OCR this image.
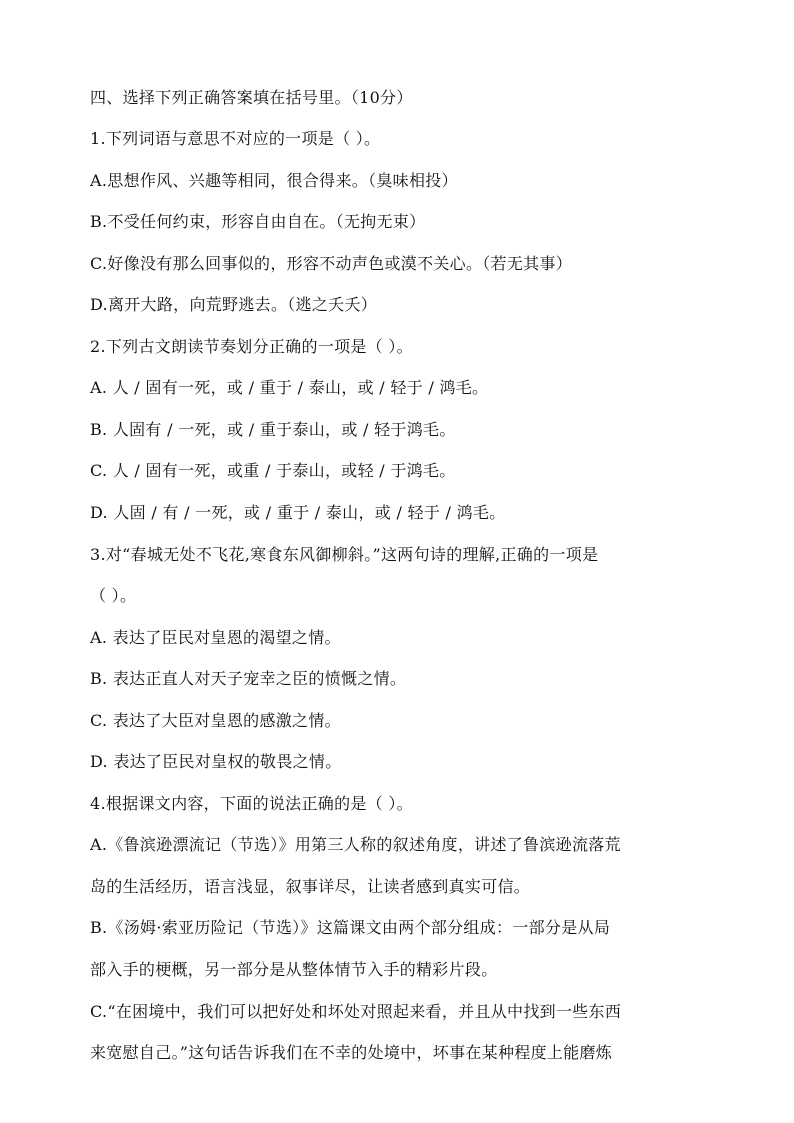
四、选择下列正确答案填在括号里。（10分）
1.下列词语与意思不对应的一项是（ ）。
A.思想作风、兴趣等相同，很合得来。（臭味相投）
B.不受任何约束，形容自由自在。（无拘无束）
C.好像没有那么回事似的，形容不动声色或漠不关心。（若无其事）
D.离开大路，向荒野逃去。（逃之夭夭）
2.下列古文朗读节奏划分正确的一项是（ ）。
A. 人 / 固有一死，或 / 重于 / 泰山，或 / 轻于 / 鸿毛。
B. 人固有 / 一死，或 / 重于泰山，或 / 轻于鸿毛。
C. 人 / 固有一死，或重 / 于泰山，或轻 / 于鸿毛。
D. 人固 / 有 / 一死，或 / 重于 / 泰山，或 / 轻于 / 鸿毛。
3.对“春城无处不飞花,寒食东风御柳斜。”这两句诗的理解,正确的一项是
（ ）。
A. 表达了臣民对皇恩的渴望之情。
B. 表达正直人对天子宠幸之臣的愤慨之情。
C. 表达了大臣对皇恩的感激之情。
D. 表达了臣民对皇权的敬畏之情。
4.根据课文内容，下面的说法正确的是（ ）。
A.《鲁滨逊漂流记（节选）》用第三人称的叙述角度，讲述了鲁滨逊流落荒
岛的生活经历，语言浅显，叙事详尽，让读者感到真实可信。
B.《汤姆·索亚历险记（节选）》这篇课文由两个部分组成：一部分是从局
部入手的梗概，另一部分是从整体情节入手的精彩片段。
C.“在困境中，我们可以把好处和坏处对照起来看，并且从中找到一些东西
来宽慰自己。”这句话告诉我们在不幸的处境中，坏事在某种程度上能磨炼
